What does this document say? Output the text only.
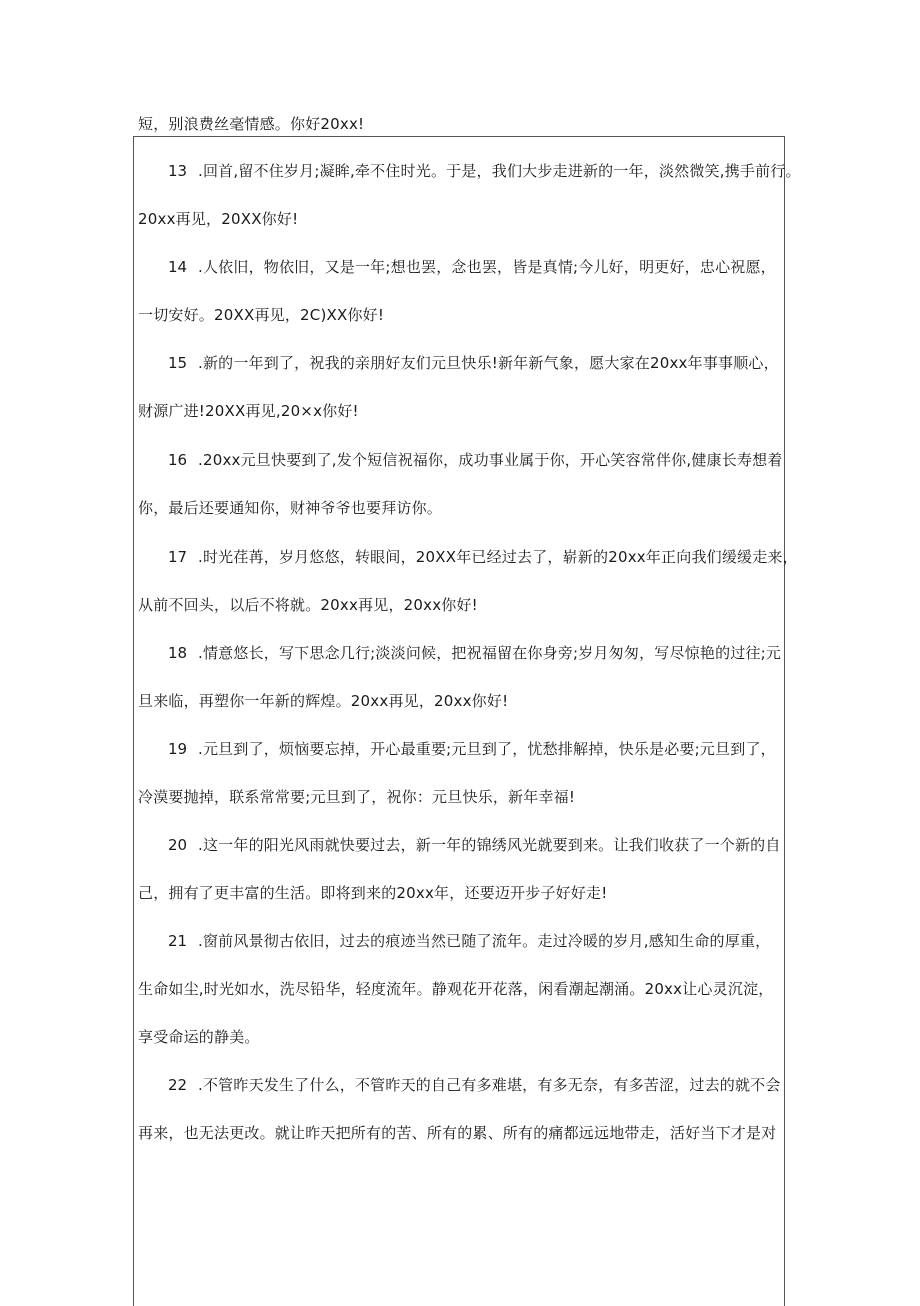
短，别浪费丝毫情感。你好20xx!
13 .回首,留不住岁月;凝眸,牵不住时光。于是，我们大步走进新的一年，淡然微笑,携手前行。
20xx再见，20XX你好!
14 .人依旧，物依旧，又是一年;想也罢，念也罢，皆是真情;今儿好，明更好，忠心祝愿，
一切安好。20XX再见，2C)XX你好!
15 .新的一年到了，祝我的亲朋好友们元旦快乐!新年新气象，愿大家在20xx年事事顺心，
财源广进!20XX再见,20×x你好!
16 .20xx元旦快要到了,发个短信祝福你，成功事业属于你，开心笑容常伴你,健康长寿想着
你，最后还要通知你，财神爷爷也要拜访你。
17 .时光荏苒，岁月悠悠，转眼间，20XX年已经过去了，崭新的20xx年正向我们缓缓走来，
从前不回头，以后不将就。20xx再见，20xx你好!
18 .情意悠长，写下思念几行;淡淡问候，把祝福留在你身旁;岁月匆匆，写尽惊艳的过往;元
旦来临，再塑你一年新的辉煌。20xx再见，20xx你好!
19 .元旦到了，烦恼要忘掉，开心最重要;元旦到了，忧愁排解掉，快乐是必要;元旦到了，
冷漠要抛掉，联系常常要;元旦到了，祝你：元旦快乐，新年幸福!
20 .这一年的阳光风雨就快要过去，新一年的锦绣风光就要到来。让我们收获了一个新的自
己，拥有了更丰富的生活。即将到来的20xx年，还要迈开步子好好走!
21 .窗前风景彻古依旧，过去的痕迹当然已随了流年。走过冷暖的岁月,感知生命的厚重，
生命如尘,时光如水，洗尽铅华，轻度流年。静观花开花落，闲看潮起潮涌。20xx让心灵沉淀，
享受命运的静美。
22 .不管昨天发生了什么，不管昨天的自己有多难堪，有多无奈，有多苦涩，过去的就不会
再来，也无法更改。就让昨天把所有的苦、所有的累、所有的痛都远远地带走，活好当下才是对
